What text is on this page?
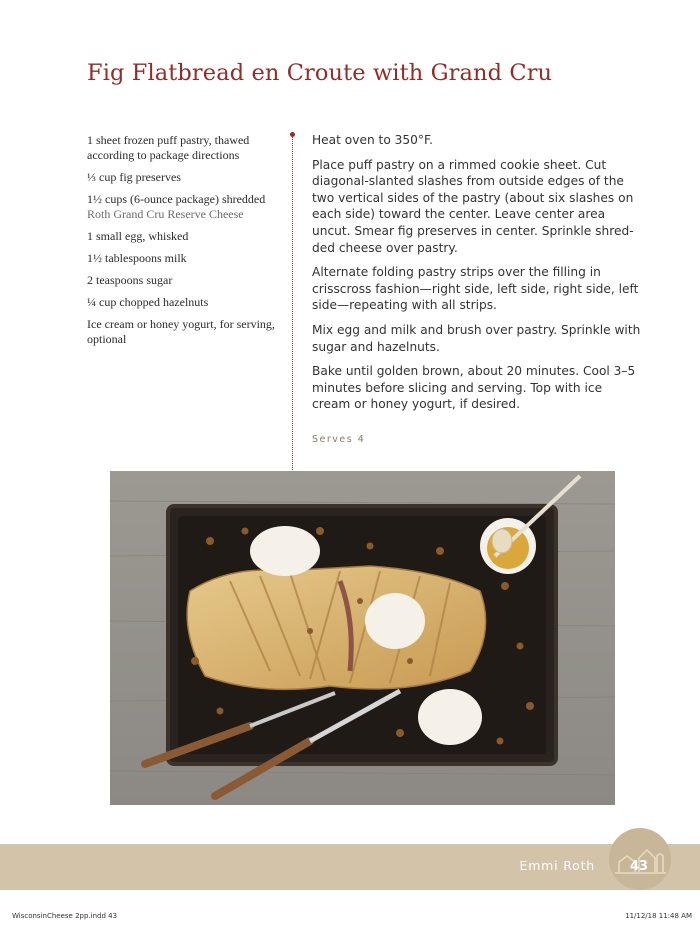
Fig Flatbread en Croute with Grand Cru
1 sheet frozen puff pastry, thawed according to package directions
⅓ cup fig preserves
1½ cups (6-ounce package) shredded Roth Grand Cru Reserve Cheese
1 small egg, whisked
1½ tablespoons milk
2 teaspoons sugar
¼ cup chopped hazelnuts
Ice cream or honey yogurt, for serving, optional

Heat oven to 350°F.

Place puff pastry on a rimmed cookie sheet. Cut diagonal-slanted slashes from outside edges of the two vertical sides of the pastry (about six slashes on each side) toward the center. Leave center area uncut. Smear fig preserves in center. Sprinkle shred-ded cheese over pastry.

Alternate folding pastry strips over the filling in crisscross fashion—right side, left side, right side, left side—repeating with all strips.

Mix egg and milk and brush over pastry. Sprinkle with sugar and hazelnuts.

Bake until golden brown, about 20 minutes. Cool 3–5 minutes before slicing and serving. Top with ice cream or honey yogurt, if desired.

Serves 4
Emmi Roth	43
WisconsinCheese 2pp.indd 43	11/12/18 11:48 AM
